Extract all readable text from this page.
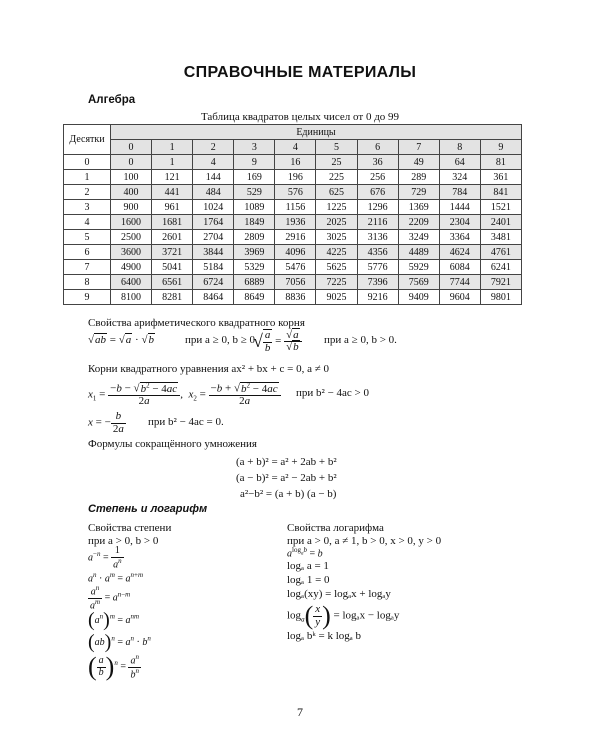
СПРАВОЧНЫЕ МАТЕРИАЛЫ
Алгебра
Таблица квадратов целых чисел от 0 до 99
Десятки	Единицы									
	0	1	2	3	4	5	6	7	8	9
0	0	1	4	9	16	25	36	49	64	81
1	100	121	144	169	196	225	256	289	324	361
2	400	441	484	529	576	625	676	729	784	841
3	900	961	1024	1089	1156	1225	1296	1369	1444	1521
4	1600	1681	1764	1849	1936	2025	2116	2209	2304	2401
5	2500	2601	2704	2809	2916	3025	3136	3249	3364	3481
6	3600	3721	3844	3969	4096	4225	4356	4489	4624	4761
7	4900	5041	5184	5329	5476	5625	5776	5929	6084	6241
8	6400	6561	6724	6889	7056	7225	7396	7569	7744	7921
9	8100	8281	8464	8649	8836	9025	9216	9409	9604	9801
Свойства арифметического квадратного корня
√ab = √a · √b	при a ≥ 0, b ≥ 0
√ $\frac{a}{b} = \frac{√a}{√b}$ при a ≥ 0, b > 0.
Корни квадратного уравнения ax² + bx + c = 0, a ≠ 0
$x_1 = \frac{-b - √b^2 - 4ac}{2a}$ ,  $x_2 = \frac{-b + √b^2 - 4ac}{2a}$ при b² − 4ac > 0
x = − $\frac{b}{2a}$ при b² − 4ac = 0.
Формулы сокращённого умножения
(a + b)² = a² + 2ab + b²
(a − b)² = a² − 2ab + b²
a²−b² = (a + b) (a − b)
Степень и логарифм
Свойства степени
при a > 0, b > 0
$a^{-n} = \frac{1}{a^n}$
$a^n \cdot a^m = a^{n+m}$
$\frac{a^n}{a^m} = a^{n-m}$
$(a^n)^m = a^{nm}$
$(ab)^n = a^n \cdot b^n$
( $\frac{a}{b} )^n = \frac{a^n}{b^n}$
Свойства логарифма
при a > 0, a ≠ 1, b > 0, x > 0, y > 0
$a^{log_ab} = b$
logₐ a = 1
logₐ 1 = 0
logₐ(xy) = logₐx + logₐy
$\log_a( \frac{x}{y}$ ) = logₐx − logₐy
logₐ bᵏ = k logₐ b
7
